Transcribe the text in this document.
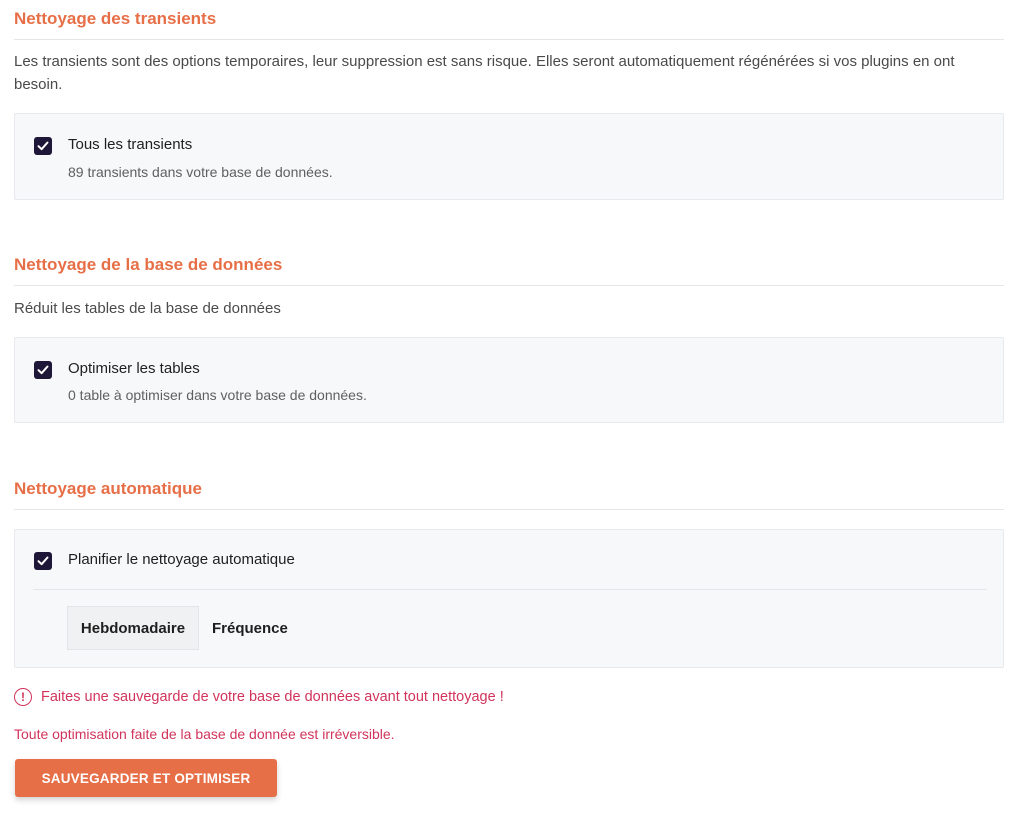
Nettoyage des transients
Les transients sont des options temporaires, leur suppression est sans risque. Elles seront automatiquement régénérées si vos plugins en ont besoin.
Tous les transients
89 transients dans votre base de données.
Nettoyage de la base de données
Réduit les tables de la base de données
Optimiser les tables
0 table à optimiser dans votre base de données.
Nettoyage automatique
Planifier le nettoyage automatique
Hebdomadaire	Fréquence
!	Faites une sauvegarde de votre base de données avant tout nettoyage !
Toute optimisation faite de la base de donnée est irréversible.
SAUVEGARDER ET OPTIMISER
